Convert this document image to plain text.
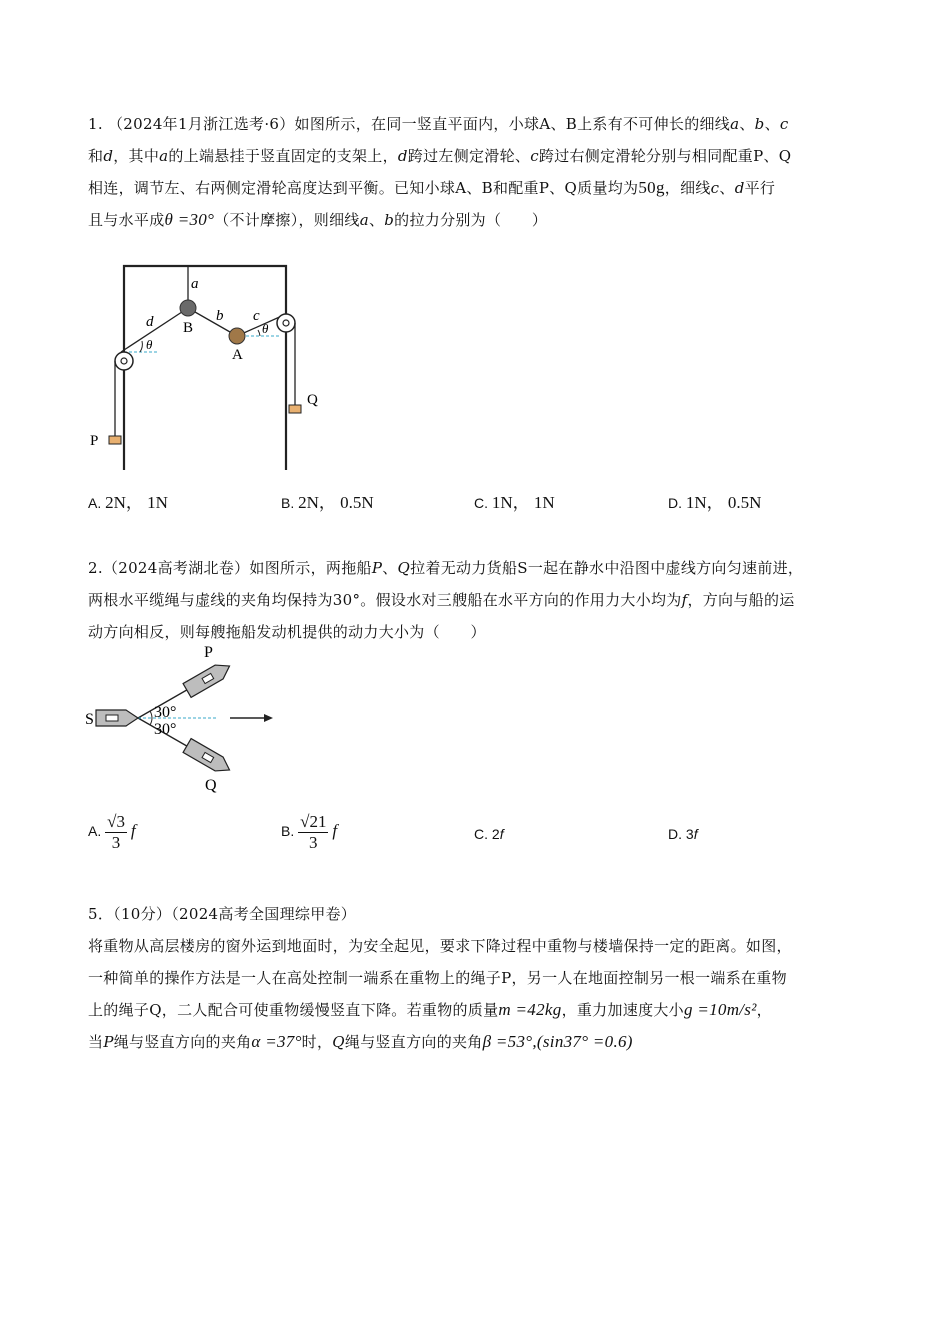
1. （2024年1月浙江选考·6）如图所示，在同一竖直平面内，小球A、B上系有不可伸长的细线a、b、c
和d，其中a的上端悬挂于竖直固定的支架上，d跨过左侧定滑轮、c跨过右侧定滑轮分别与相同配重P、Q
相连，调节左、右两侧定滑轮高度达到平衡。已知小球A、B和配重P、Q质量均为50g，细线c、d平行
且与水平成θ =30°（不计摩擦），则细线a、b的拉力分别为（　　）
a
d	b c
B
A
θ
θ
P
Q
A. 2N， 1N	B. 2N， 0.5N	C. 1N， 1N	D. 1N， 0.5N
2.（2024高考湖北卷）如图所示，两拖船P、Q拉着无动力货船S一起在静水中沿图中虚线方向匀速前进，
两根水平缆绳与虚线的夹角均保持为30°。假设水对三艘船在水平方向的作用力大小均为f，方向与船的运
动方向相反，则每艘拖船发动机提供的动力大小为（　　）
P
Q
S	30°
30°
A. $\frac{√3}{3}$ f	B. $\frac{√21}{3}$ f	C. 2f	D. 3f
5．（10分）（2024高考全国理综甲卷）
将重物从高层楼房的窗外运到地面时，为安全起见，要求下降过程中重物与楼墙保持一定的距离。如图，
一种简单的操作方法是一人在高处控制一端系在重物上的绳子P，另一人在地面控制另一根一端系在重物
上的绳子Q，二人配合可使重物缓慢竖直下降。若重物的质量m =42kg，重力加速度大小g =10m/s²，
当P绳与竖直方向的夹角α =37°时，Q绳与竖直方向的夹角β =53°,(sin37° =0.6)
